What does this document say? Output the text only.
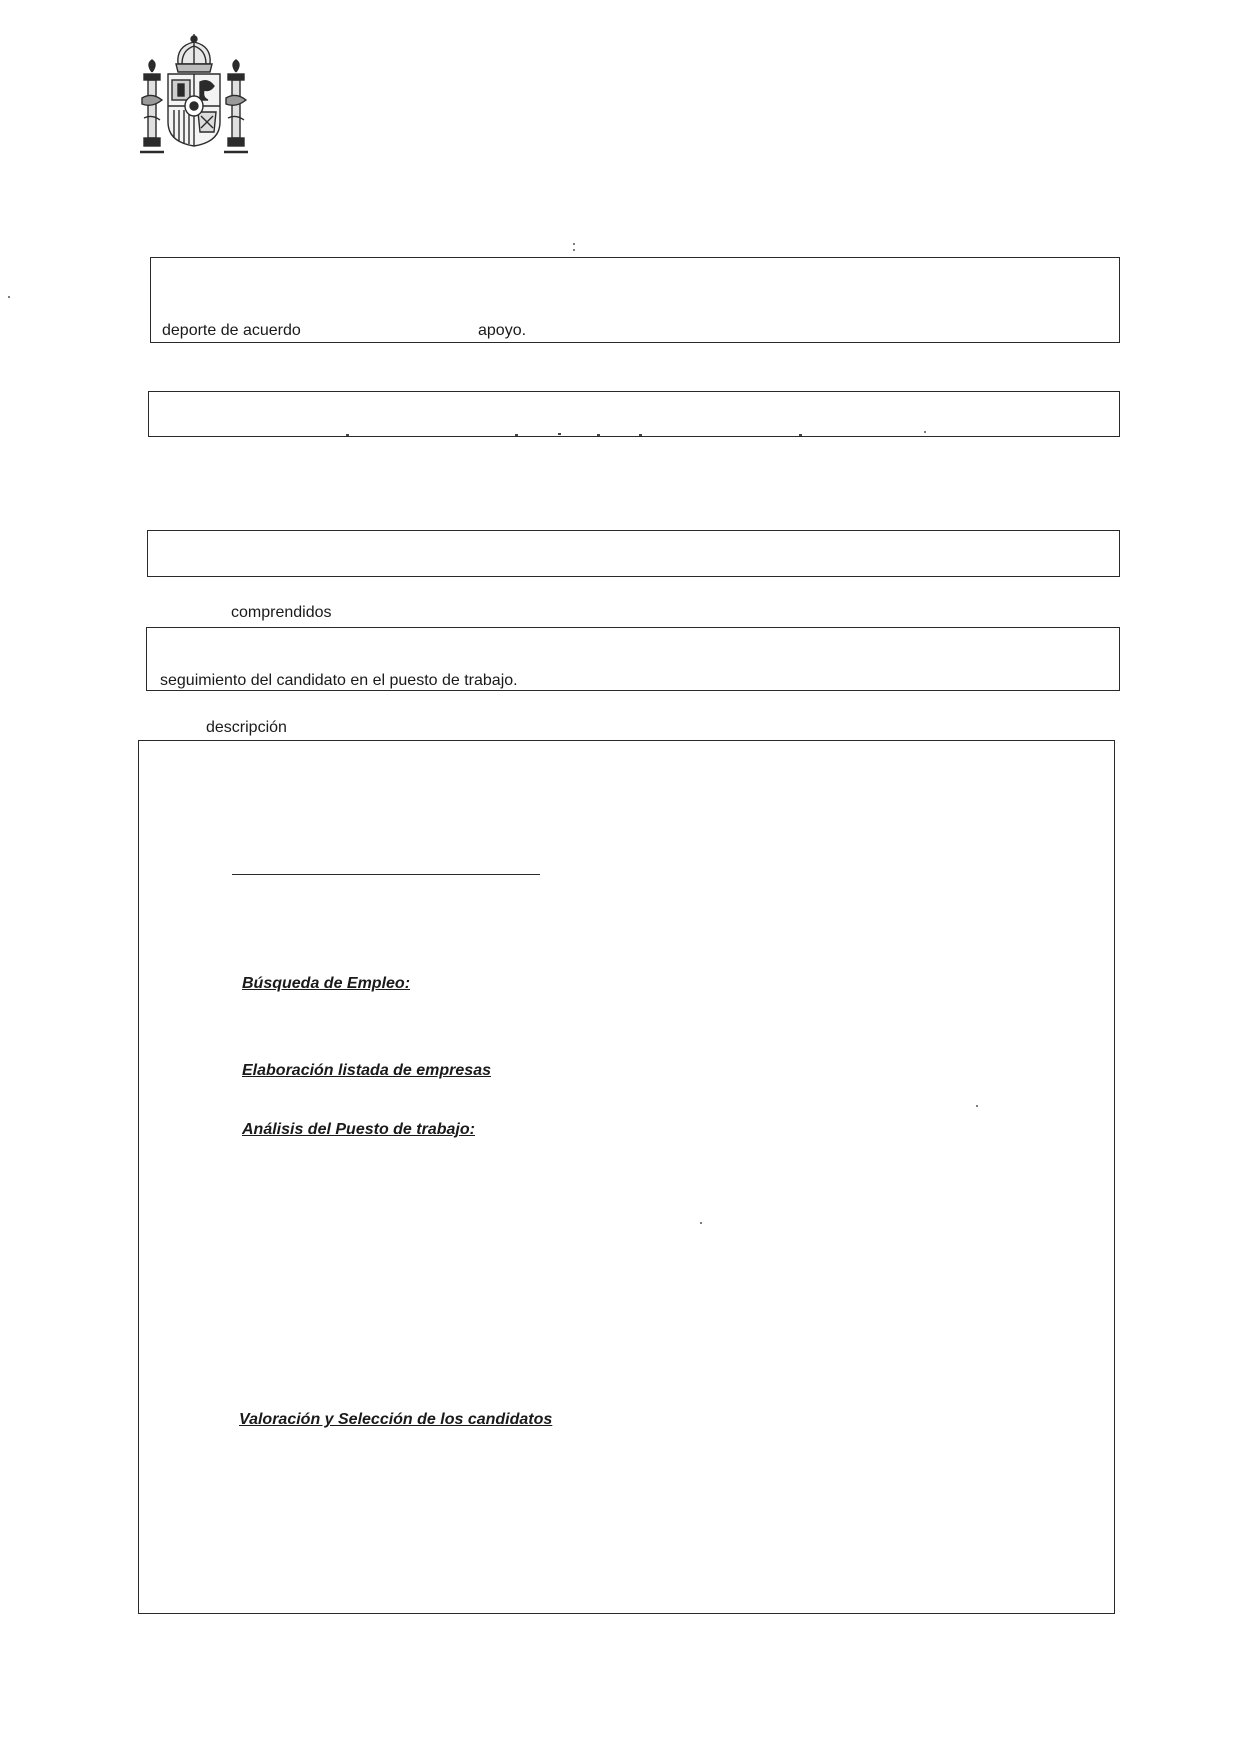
deporte de acuerdo	apoyo.
comprendidos
seguimiento del candidato en el puesto de trabajo.
descripción
Búsqueda de Empleo:
Elaboración listada de empresas
Análisis del Puesto de trabajo:
Valoración y Selección de los candidatos
